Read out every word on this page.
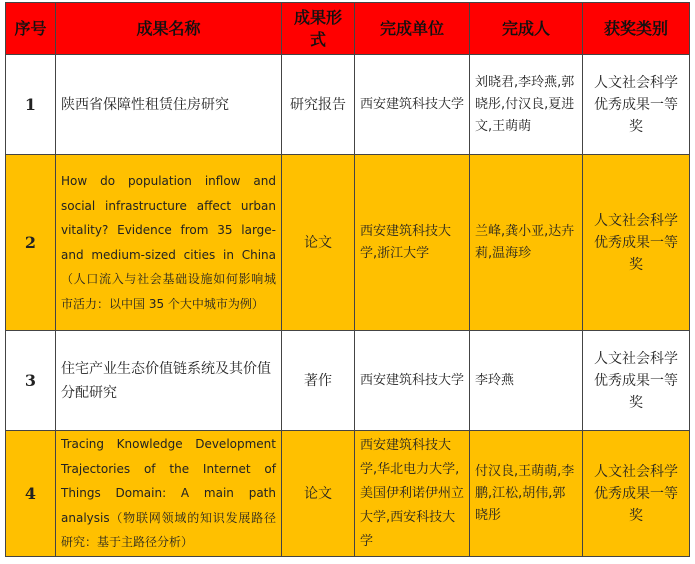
序号	成果名称	成果形式	完成单位	完成人	获奖类别
1	陕西省保障性租赁住房研究	研究报告	西安建筑科技大学	刘晓君,李玲燕,郭晓彤,付汉良,夏进文,王萌萌	人文社会科学优秀成果一等奖
2	How do population inflow and social infrastructure affect urban vitality? Evidence from 35 large- and medium-sized cities in China （人口流入与社会基础设施如何影响城市活力：以中国 35 个大中城市为例）	论文	西安建筑科技大学,浙江大学	兰峰,龚小亚,达卉莉,温海珍	人文社会科学优秀成果一等奖
3	住宅产业生态价值链系统及其价值分配研究	著作	西安建筑科技大学	李玲燕	人文社会科学优秀成果一等奖
4	Tracing Knowledge Development Trajectories of the Internet of Things Domain: A main path analysis（物联网领域的知识发展路径研究：基于主路径分析）	论文	西安建筑科技大学,华北电力大学,美国伊利诺伊州立大学,西安科技大学	付汉良,王萌萌,李鹏,江松,胡伟,郭晓彤	人文社会科学优秀成果一等奖
